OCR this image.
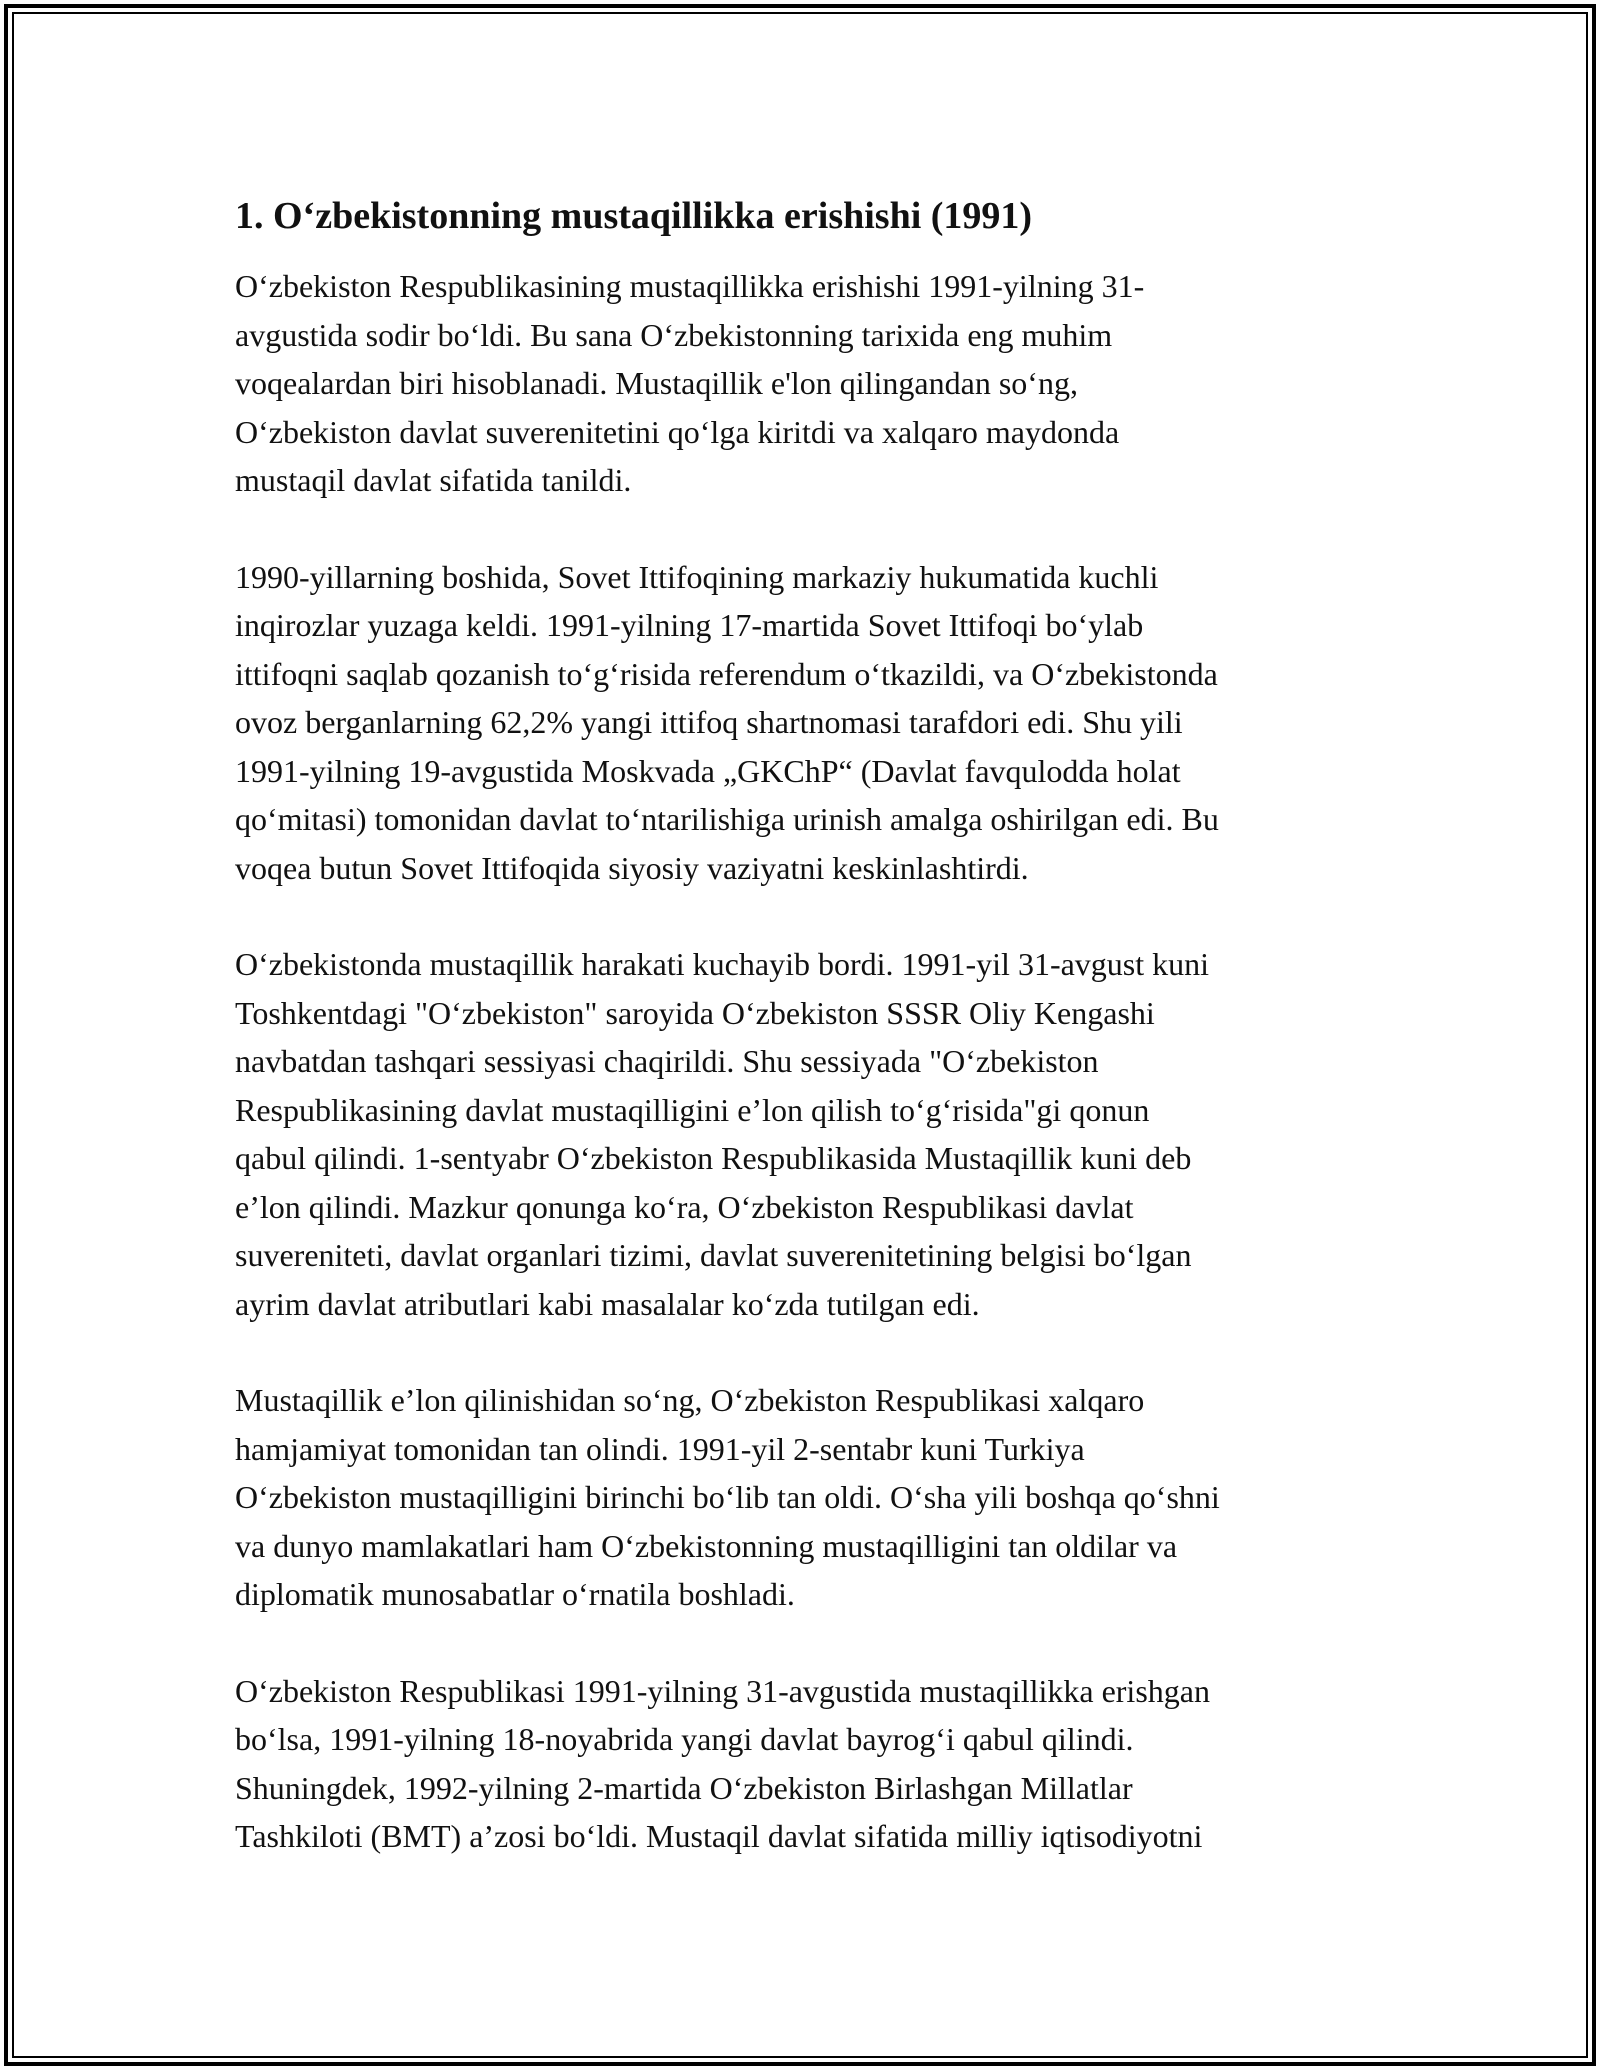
1. O‘zbekistonning mustaqillikka erishishi (1991)

O‘zbekiston Respublikasining mustaqillikka erishishi 1991-yilning 31-
avgustida sodir bo‘ldi. Bu sana O‘zbekistonning tarixida eng muhim
voqealardan biri hisoblanadi. Mustaqillik e'lon qilingandan so‘ng,
O‘zbekiston davlat suverenitetini qo‘lga kiritdi va xalqaro maydonda
mustaqil davlat sifatida tanildi.

1990-yillarning boshida, Sovet Ittifoqining markaziy hukumatida kuchli
inqirozlar yuzaga keldi. 1991-yilning 17-martida Sovet Ittifoqi bo‘ylab
ittifoqni saqlab qozanish to‘g‘risida referendum o‘tkazildi, va O‘zbekistonda
ovoz berganlarning 62,2% yangi ittifoq shartnomasi tarafdori edi. Shu yili
1991-yilning 19-avgustida Moskvada „GKChP“ (Davlat favqulodda holat
qo‘mitasi) tomonidan davlat to‘ntarilishiga urinish amalga oshirilgan edi. Bu
voqea butun Sovet Ittifoqida siyosiy vaziyatni keskinlashtirdi.

O‘zbekistonda mustaqillik harakati kuchayib bordi. 1991-yil 31-avgust kuni
Toshkentdagi "O‘zbekiston" saroyida O‘zbekiston SSSR Oliy Kengashi
navbatdan tashqari sessiyasi chaqirildi. Shu sessiyada "O‘zbekiston
Respublikasining davlat mustaqilligini e’lon qilish to‘g‘risida"gi qonun
qabul qilindi. 1-sentyabr O‘zbekiston Respublikasida Mustaqillik kuni deb
e’lon qilindi. Mazkur qonunga ko‘ra, O‘zbekiston Respublikasi davlat
suvereniteti, davlat organlari tizimi, davlat suverenitetining belgisi bo‘lgan
ayrim davlat atributlari kabi masalalar ko‘zda tutilgan edi.

Mustaqillik e’lon qilinishidan so‘ng, O‘zbekiston Respublikasi xalqaro
hamjamiyat tomonidan tan olindi. 1991-yil 2-sentabr kuni Turkiya
O‘zbekiston mustaqilligini birinchi bo‘lib tan oldi. O‘sha yili boshqa qo‘shni
va dunyo mamlakatlari ham O‘zbekistonning mustaqilligini tan oldilar va
diplomatik munosabatlar o‘rnatila boshladi.

O‘zbekiston Respublikasi 1991-yilning 31-avgustida mustaqillikka erishgan
bo‘lsa, 1991-yilning 18-noyabrida yangi davlat bayrog‘i qabul qilindi.
Shuningdek, 1992-yilning 2-martida O‘zbekiston Birlashgan Millatlar
Tashkiloti (BMT) a’zosi bo‘ldi. Mustaqil davlat sifatida milliy iqtisodiyotni
